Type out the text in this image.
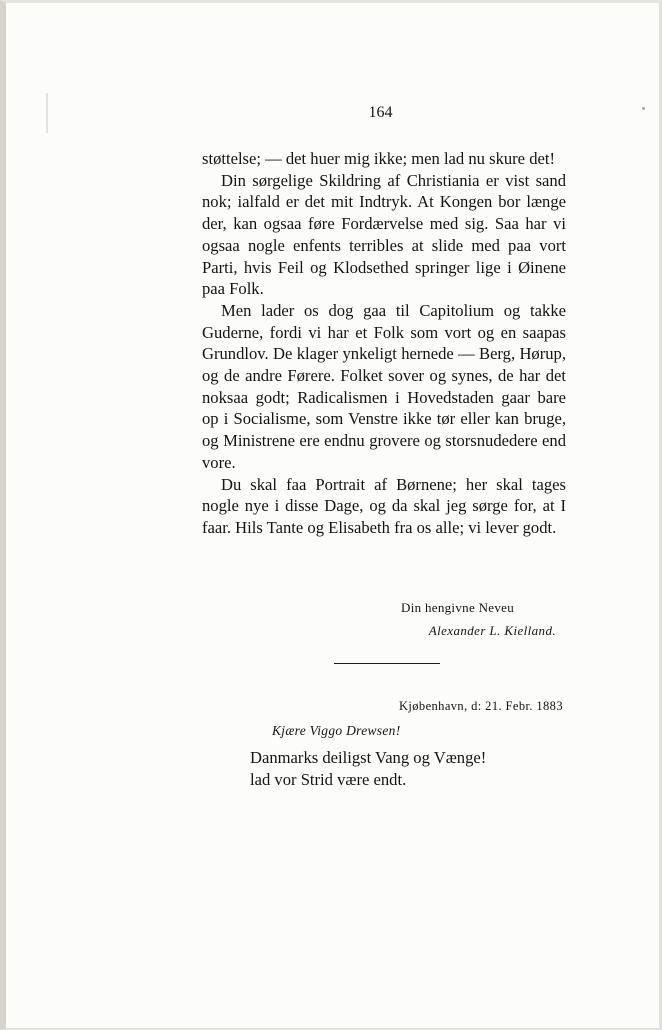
164

støttelse; — det huer mig ikke; men lad nu skure det!

Din sørgelige Skildring af Christiania er vist sand nok; ialfald er det mit Indtryk. At Kongen bor længe der, kan ogsaa føre Fordærvelse med sig. Saa har vi ogsaa nogle enfents terribles at slide med paa vort Parti, hvis Feil og Klodsethed springer lige i Øinene paa Folk.

Men lader os dog gaa til Capitolium og takke Guderne, fordi vi har et Folk som vort og en saapas Grundlov. De klager ynkeligt hernede — Berg, Hørup, og de andre Førere. Folket sover og synes, de har det noksaa godt; Radicalismen i Hovedstaden gaar bare op i Socialisme, som Venstre ikke tør eller kan bruge, og Ministrene ere endnu grovere og storsnudedere end vore.

Du skal faa Portrait af Børnene; her skal tages nogle nye i disse Dage, og da skal jeg sørge for, at I faar. Hils Tante og Elisabeth fra os alle; vi lever godt.

Din hengivne Neveu
Alexander L. Kielland.
Kjøbenhavn, d: 21. Febr. 1883
Kjære Viggo Drewsen!
Danmarks deiligst Vang og Vænge!
lad vor Strid være endt.
